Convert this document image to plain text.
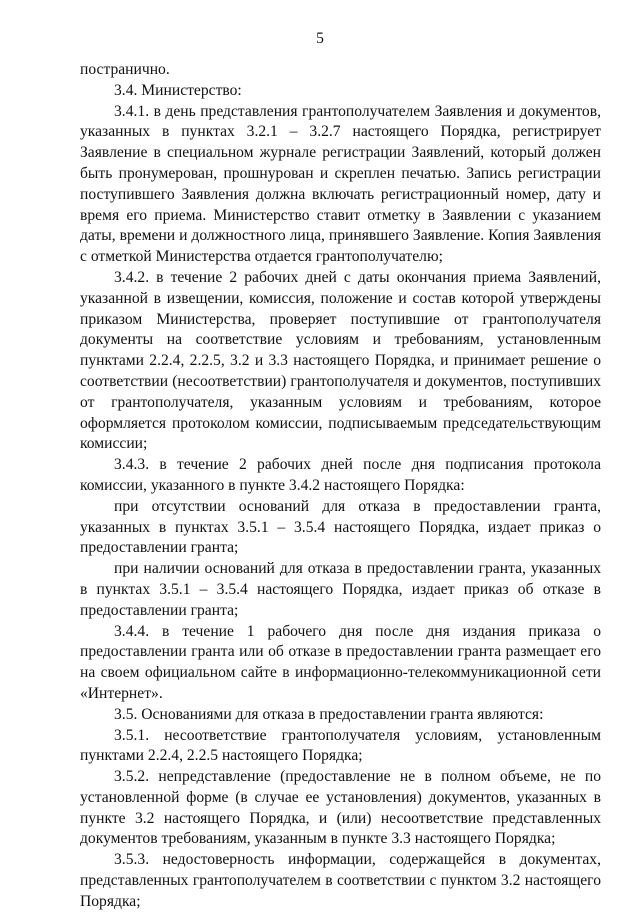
5

постранично.

3.4. Министерство:

3.4.1. в день представления грантополучателем Заявления и документов, указанных в пунктах 3.2.1 – 3.2.7 настоящего Порядка, регистрирует Заявление в специальном журнале регистрации Заявлений, который должен быть пронумерован, прошнурован и скреплен печатью. Запись регистрации поступившего Заявления должна включать регистрационный номер, дату и время его приема. Министерство ставит отметку в Заявлении с указанием даты, времени и должностного лица, принявшего Заявление. Копия Заявления с отметкой Министерства отдается грантополучателю;

3.4.2. в течение 2 рабочих дней с даты окончания приема Заявлений, указанной в извещении, комиссия, положение и состав которой утверждены приказом Министерства, проверяет поступившие от грантополучателя документы на соответствие условиям и требованиям, установленным пунктами 2.2.4, 2.2.5, 3.2 и 3.3 настоящего Порядка, и принимает решение о соответствии (несоответствии) грантополучателя и документов, поступивших от грантополучателя, указанным условиям и требованиям, которое оформляется протоколом комиссии, подписываемым председательствующим комиссии;

3.4.3. в течение 2 рабочих дней после дня подписания протокола комиссии, указанного в пункте 3.4.2 настоящего Порядка:

при отсутствии оснований для отказа в предоставлении гранта, указанных в пунктах 3.5.1 – 3.5.4 настоящего Порядка, издает приказ о предоставлении гранта;

при наличии оснований для отказа в предоставлении гранта, указанных в пунктах 3.5.1 – 3.5.4 настоящего Порядка, издает приказ об отказе в предоставлении гранта;

3.4.4. в течение 1 рабочего дня после дня издания приказа о предоставлении гранта или об отказе в предоставлении гранта размещает его на своем официальном сайте в информационно-телекоммуникационной сети «Интернет».

3.5. Основаниями для отказа в предоставлении гранта являются:

3.5.1. несоответствие грантополучателя условиям, установленным пунктами 2.2.4, 2.2.5 настоящего Порядка;

3.5.2. непредставление (предоставление не в полном объеме, не по установленной форме (в случае ее установления) документов, указанных в пункте 3.2 настоящего Порядка, и (или) несоответствие представленных документов требованиям, указанным в пункте 3.3 настоящего Порядка;

3.5.3. недостоверность информации, содержащейся в документах, представленных грантополучателем в соответствии с пунктом 3.2 настоящего Порядка;
